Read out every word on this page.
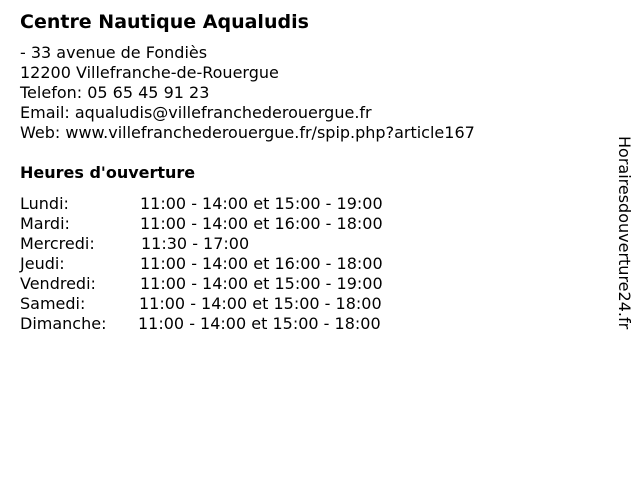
Centre Nautique Aqualudis
- 33 avenue de Fondiès
12200 Villefranche-de-Rouergue
Telefon: 05 65 45 91 23
Email: aqualudis@villefranchederouergue.fr
Web: www.villefranchederouergue.fr/spip.php?article167
Heures d'ouverture
Lundi:	11:00 - 14:00 et 15:00 - 19:00
Mardi:	11:00 - 14:00 et 16:00 - 18:00
Mercredi:	11:30 - 17:00
Jeudi:	11:00 - 14:00 et 16:00 - 18:00
Vendredi:	11:00 - 14:00 et 15:00 - 19:00
Samedi:	11:00 - 14:00 et 15:00 - 18:00
Dimanche: 11:00 - 14:00 et 15:00 - 18:00	Horairesdouverture24.fr
